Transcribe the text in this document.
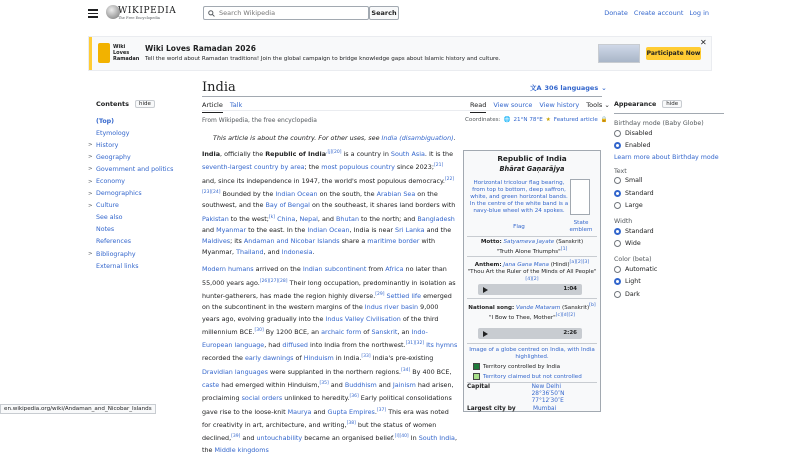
WIKIPEDIA
The Free Encyclopedia
Search Wikipedia
Search	Donate Create account Log in
Wiki Loves Ramadan
Wiki Loves Ramadan 2026
Tell the world about Ramadan traditions! Join the global campaign to bridge knowledge gaps about Islamic history and culture.
Participate Now
✕
India	文A 306 languages ⌄
Article Talk	Read View source View history Tools ⌄
Contents	hide
(Top)
Etymology
> History
> Geography
> Government and politics
> Economy
> Demographics
> Culture
See also
Notes
References
> Bibliography
External links
From Wikipedia, the free encyclopedia	Coordinates: 🌐 21°N 78°E ★ Featured article 🔒
This article is about the country. For other uses, see India (disambiguation).

India, officially the Republic of India$^{,[j][20]}$ is a country in South Asia. It is the seventh-largest country by area; the most populous country since 2023;[21] and, since its independence in 1947, the world's most populous democracy.[22][23][24] Bounded by the Indian Ocean on the south, the Arabian Sea on the southwest, and the Bay of Bengal on the southeast, it shares land borders with Pakistan to the west;[k] China, Nepal, and Bhutan to the north; and Bangladesh and Myanmar to the east. In the Indian Ocean, India is near Sri Lanka and the Maldives; its Andaman and Nicobar Islands share a maritime border with Myanmar, Thailand, and Indonesia.

Modern humans arrived on the Indian subcontinent from Africa no later than 55,000 years ago.[26][27][28] Their long occupation, predominantly in isolation as hunter-gatherers, has made the region highly diverse.[29] Settled life emerged on the subcontinent in the western margins of the Indus river basin 9,000 years ago, evolving gradually into the Indus Valley Civilisation of the third millennium BCE.[30] By 1200 BCE, an archaic form of Sanskrit, an Indo-European language, had diffused into India from the northwest.[31][32] Its hymns recorded the early dawnings of Hinduism in India.[33] India's pre-existing Dravidian languages were supplanted in the northern regions.[34] By 400 BCE, caste had emerged within Hinduism,[35] and Buddhism and Jainism had arisen, proclaiming social orders unlinked to heredity.[36] Early political consolidations gave rise to the loose-knit Maurya and Gupta Empires.[37] This era was noted for creativity in art, architecture, and writing,[38] but the status of women declined,[39] and untouchability became an organised belief.[l][40] In South India, the Middle kingdoms

Republic of India
Bhārat Gaṇarājya
Horizontal tricolour flag bearing, from top to bottom, deep saffron, white, and green horizontal bands. In the centre of the white band is a navy-blue wheel with 24 spokes.
Flag
State emblem
Motto: Satyameva Jayate (Sanskrit)
"Truth Alone Triumphs"[1]
Anthem: Jana Gana Mana (Hindi)[a][2][3]
"Thou Art the Ruler of the Minds of All People"[4][2]
1:04
National song: Vande Mataram (Sanskrit)[b]
"I Bow to Thee, Mother"[c][d][2]
2:26
Image of a globe centred on India, with India highlighted.
Territory controlled by India
Territory claimed but not controlled
Capital	New Delhi
28°36′50″N 77°12′30″E
Largest city by	Mumbai
Appearance	hide
Birthday mode (Baby Globe)
Disabled
Enabled
Learn more about Birthday mode
Text
Small
Standard
Large
Width
Standard
Wide
Color (beta)
Automatic
Light
Dark
en.wikipedia.org/wiki/Andaman_and_Nicobar_Islands
